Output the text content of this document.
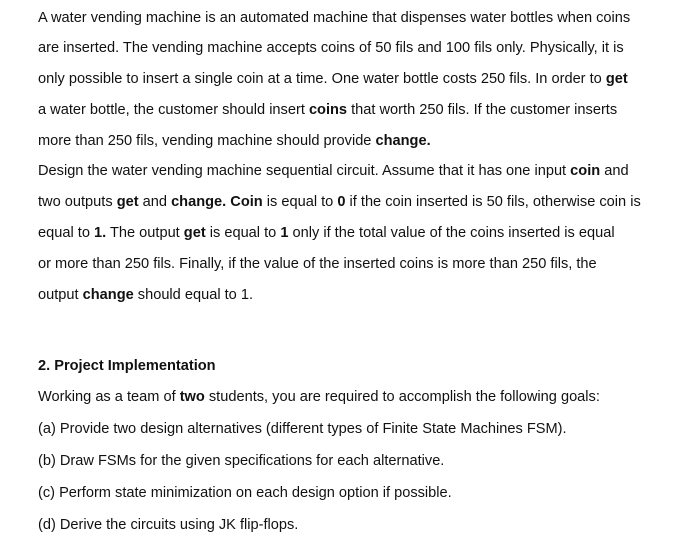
A water vending machine is an automated machine that dispenses water bottles when coins
are inserted. The vending machine accepts coins of 50 fils and 100 fils only. Physically, it is
only possible to insert a single coin at a time. One water bottle costs 250 fils. In order to get
a water bottle, the customer should insert coins that worth 250 fils. If the customer inserts
more than 250 fils, vending machine should provide change.
Design the water vending machine sequential circuit. Assume that it has one input coin and
two outputs get and change. Coin is equal to 0 if the coin inserted is 50 fils, otherwise coin is
equal to 1. The output get is equal to 1 only if the total value of the coins inserted is equal
or more than 250 fils. Finally, if the value of the inserted coins is more than 250 fils, the
output change should equal to 1.
2. Project Implementation
Working as a team of two students, you are required to accomplish the following goals:
(a) Provide two design alternatives (different types of Finite State Machines FSM).
(b) Draw FSMs for the given specifications for each alternative.
(c) Perform state minimization on each design option if possible.
(d) Derive the circuits using JK flip-flops.
